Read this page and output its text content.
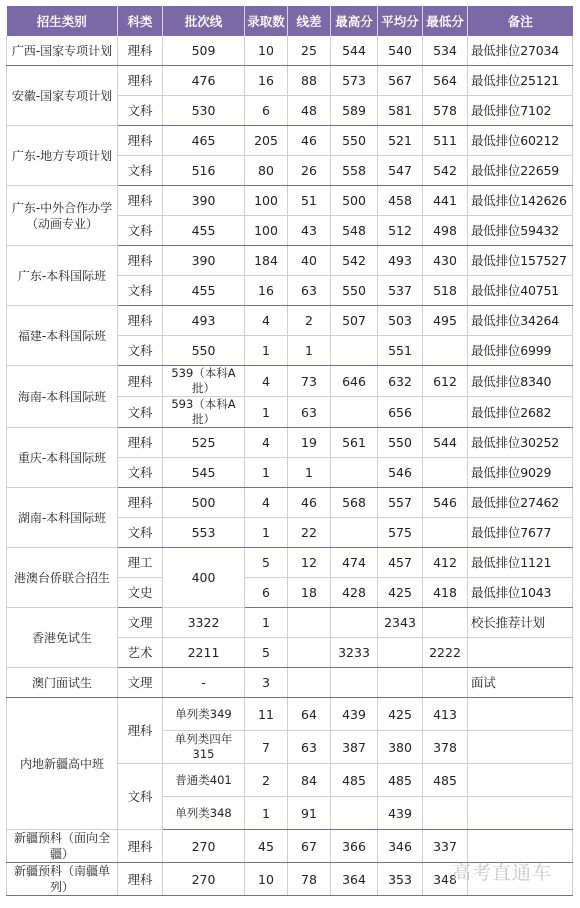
招生类别	科类	批次线	录取数	线差	最高分	平均分	最低分	备注
广西-国家专项计划	理科	509	10	25	544	540	534	最低排位27034
安徽-国家专项计划	理科	476	16	88	573	567	564	最低排位25121
	文科	530	6	48	589	581	578	最低排位7102
广东-地方专项计划	理科	465	205	46	550	521	511	最低排位60212
	文科	516	80	26	558	547	542	最低排位22659
广东-中外合作办学（动画专业）	理科	390	100	51	500	458	441	最低排位142626
	文科	455	100	43	548	512	498	最低排位59432
广东-本科国际班	理科	390	184	40	542	493	430	最低排位157527
	文科	455	16	63	550	537	518	最低排位40751
福建-本科国际班	理科	493	4	2	507	503	495	最低排位34264
	文科	550	1	1		551		最低排位6999
海南-本科国际班	理科	539（本科A批）	4	73	646	632	612	最低排位8340
	文科	593（本科A批）	1	63		656		最低排位2682
重庆-本科国际班	理科	525	4	19	561	550	544	最低排位30252
	文科	545	1	1		546		最低排位9029
湖南-本科国际班	理科	500	4	46	568	557	546	最低排位27462
	文科	553	1	22		575		最低排位7677
港澳台侨联合招生	理工	400	5	12	474	457	412	最低排位1121
	文史		6	18	428	425	418	最低排位1043
香港免试生	文理	3322	1			2343		校长推荐计划
	艺术	2211	5		3233		2222	
澳门面试生	文理	-	3					面试
内地新疆高中班	理科	单列类349	11	64	439	425	413	
		单列类四年315	7	63	387	380	378	
	文科	普通类401	2	84	485	485	485	
		单列类348	1	91		439		
新疆预科（面向全疆）	理科	270	45	67	366	346	337	
新疆预科（南疆单列）	理科	270	10	78	364	353	348	
高考直通车
